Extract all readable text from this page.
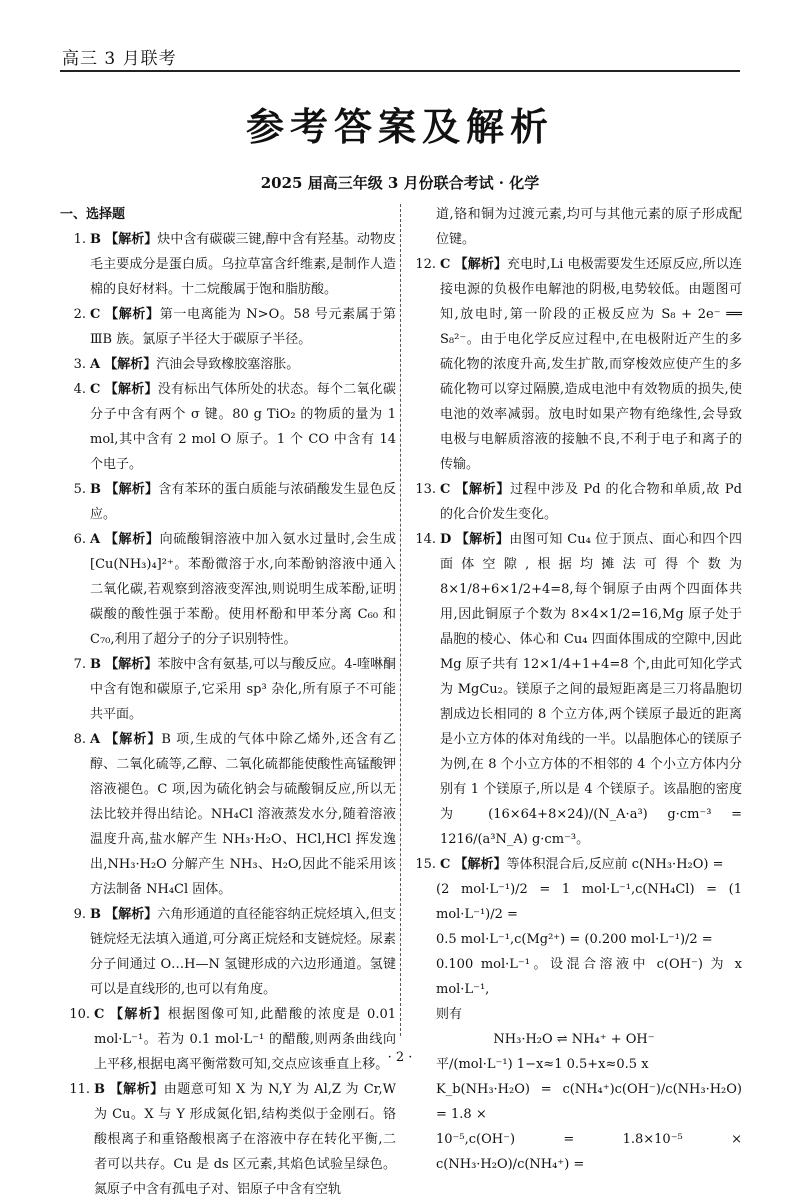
高三 3 月联考
参考答案及解析
2025 届高三年级 3 月份联合考试 · 化学
一、选择题
1. B 【解析】炔中含有碳碳三键,醇中含有羟基。动物皮毛主要成分是蛋白质。乌拉草富含纤维素,是制作人造棉的良好材料。十二烷酸属于饱和脂肪酸。
2. C 【解析】第一电离能为 N>O。58 号元素属于第 ⅢB 族。氯原子半径大于碳原子半径。
3. A 【解析】汽油会导致橡胶塞溶胀。
4. C 【解析】没有标出气体所处的状态。每个二氧化碳分子中含有两个 σ 键。80 g TiO₂ 的物质的量为 1 mol,其中含有 2 mol O 原子。1 个 CO 中含有 14 个电子。
5. B 【解析】含有苯环的蛋白质能与浓硝酸发生显色反应。
6. A 【解析】向硫酸铜溶液中加入氨水过量时,会生成[Cu(NH₃)₄]²⁺。苯酚微溶于水,向苯酚钠溶液中通入二氧化碳,若观察到溶液变浑浊,则说明生成苯酚,证明碳酸的酸性强于苯酚。使用杯酚和甲苯分离 C₆₀ 和 C₇₀,利用了超分子的分子识别特性。
7. B 【解析】苯胺中含有氨基,可以与酸反应。4-喹啉酮中含有饱和碳原子,它采用 sp³ 杂化,所有原子不可能共平面。
8. A 【解析】B 项,生成的气体中除乙烯外,还含有乙醇、二氧化硫等,乙醇、二氧化硫都能使酸性高锰酸钾溶液褪色。C 项,因为硫化钠会与硫酸铜反应,所以无法比较并得出结论。NH₄Cl 溶液蒸发水分,随着溶液温度升高,盐水解产生 NH₃·H₂O、HCl,HCl 挥发逸出,NH₃·H₂O 分解产生 NH₃、H₂O,因此不能采用该方法制备 NH₄Cl 固体。
9. B 【解析】六角形通道的直径能容纳正烷烃填入,但支链烷烃无法填入通道,可分离正烷烃和支链烷烃。尿素分子间通过 O…H—N 氢键形成的六边形通道。氢键可以是直线形的,也可以有角度。
10. C 【解析】根据图像可知,此醋酸的浓度是 0.01 mol·L⁻¹。若为 0.1 mol·L⁻¹ 的醋酸,则两条曲线向上平移,根据电离平衡常数可知,交点应该垂直上移。
11. B 【解析】由题意可知 X 为 N,Y 为 Al,Z 为 Cr,W 为 Cu。X 与 Y 形成氮化铝,结构类似于金刚石。铬酸根离子和重铬酸根离子在溶液中存在转化平衡,二者可以共存。Cu 是 ds 区元素,其焰色试验呈绿色。氮原子中含有孤电子对、铝原子中含有空轨
道,铬和铜为过渡元素,均可与其他元素的原子形成配位键。
12. C 【解析】充电时,Li 电极需要发生还原反应,所以连接电源的负极作电解池的阴极,电势较低。由题图可知,放电时,第一阶段的正极反应为 S₈ + 2e⁻ ══ S₈²⁻。由于电化学反应过程中,在电极附近产生的多硫化物的浓度升高,发生扩散,而穿梭效应使产生的多硫化物可以穿过隔膜,造成电池中有效物质的损失,使电池的效率减弱。放电时如果产物有绝缘性,会导致电极与电解质溶液的接触不良,不利于电子和离子的传输。
13. C 【解析】过程中涉及 Pd 的化合物和单质,故 Pd 的化合价发生变化。
14. D 【解析】由图可知 Cu₄ 位于顶点、面心和四个四面体空隙,根据均摊法可得个数为 8×1/8+6×1/2+4=8,每个铜原子由两个四面体共用,因此铜原子个数为 8×4×1/2=16,Mg 原子处于晶胞的棱心、体心和 Cu₄ 四面体围成的空隙中,因此 Mg 原子共有 12×1/4+1+4=8 个,由此可知化学式为 MgCu₂。镁原子之间的最短距离是三刀将晶胞切割成边长相同的 8 个立方体,两个镁原子最近的距离是小立方体的体对角线的一半。以晶胞体心的镁原子为例,在 8 个小立方体的不相邻的 4 个小立方体内分别有 1 个镁原子,所以是 4 个镁原子。该晶胞的密度为 (16×64+8×24)/(N_A·a³) g·cm⁻³ = 1216/(a³N_A) g·cm⁻³。
15. C 【解析】等体积混合后,反应前 c(NH₃·H₂O) =
(2 mol·L⁻¹)/2 = 1 mol·L⁻¹,c(NH₄Cl) = (1 mol·L⁻¹)/2 =
0.5 mol·L⁻¹,c(Mg²⁺) = (0.200 mol·L⁻¹)/2 =
0.100 mol·L⁻¹。设混合溶液中 c(OH⁻) 为 x mol·L⁻¹,
则有
NH₃·H₂O ⇌ NH₄⁺ + OH⁻
平/(mol·L⁻¹) 1−x≈1 0.5+x≈0.5 x
K_b(NH₃·H₂O) = c(NH₄⁺)c(OH⁻)/c(NH₃·H₂O) = 1.8 ×
10⁻⁵,c(OH⁻) = 1.8×10⁻⁵ × c(NH₃·H₂O)/c(NH₄⁺) =
· 2 ·
